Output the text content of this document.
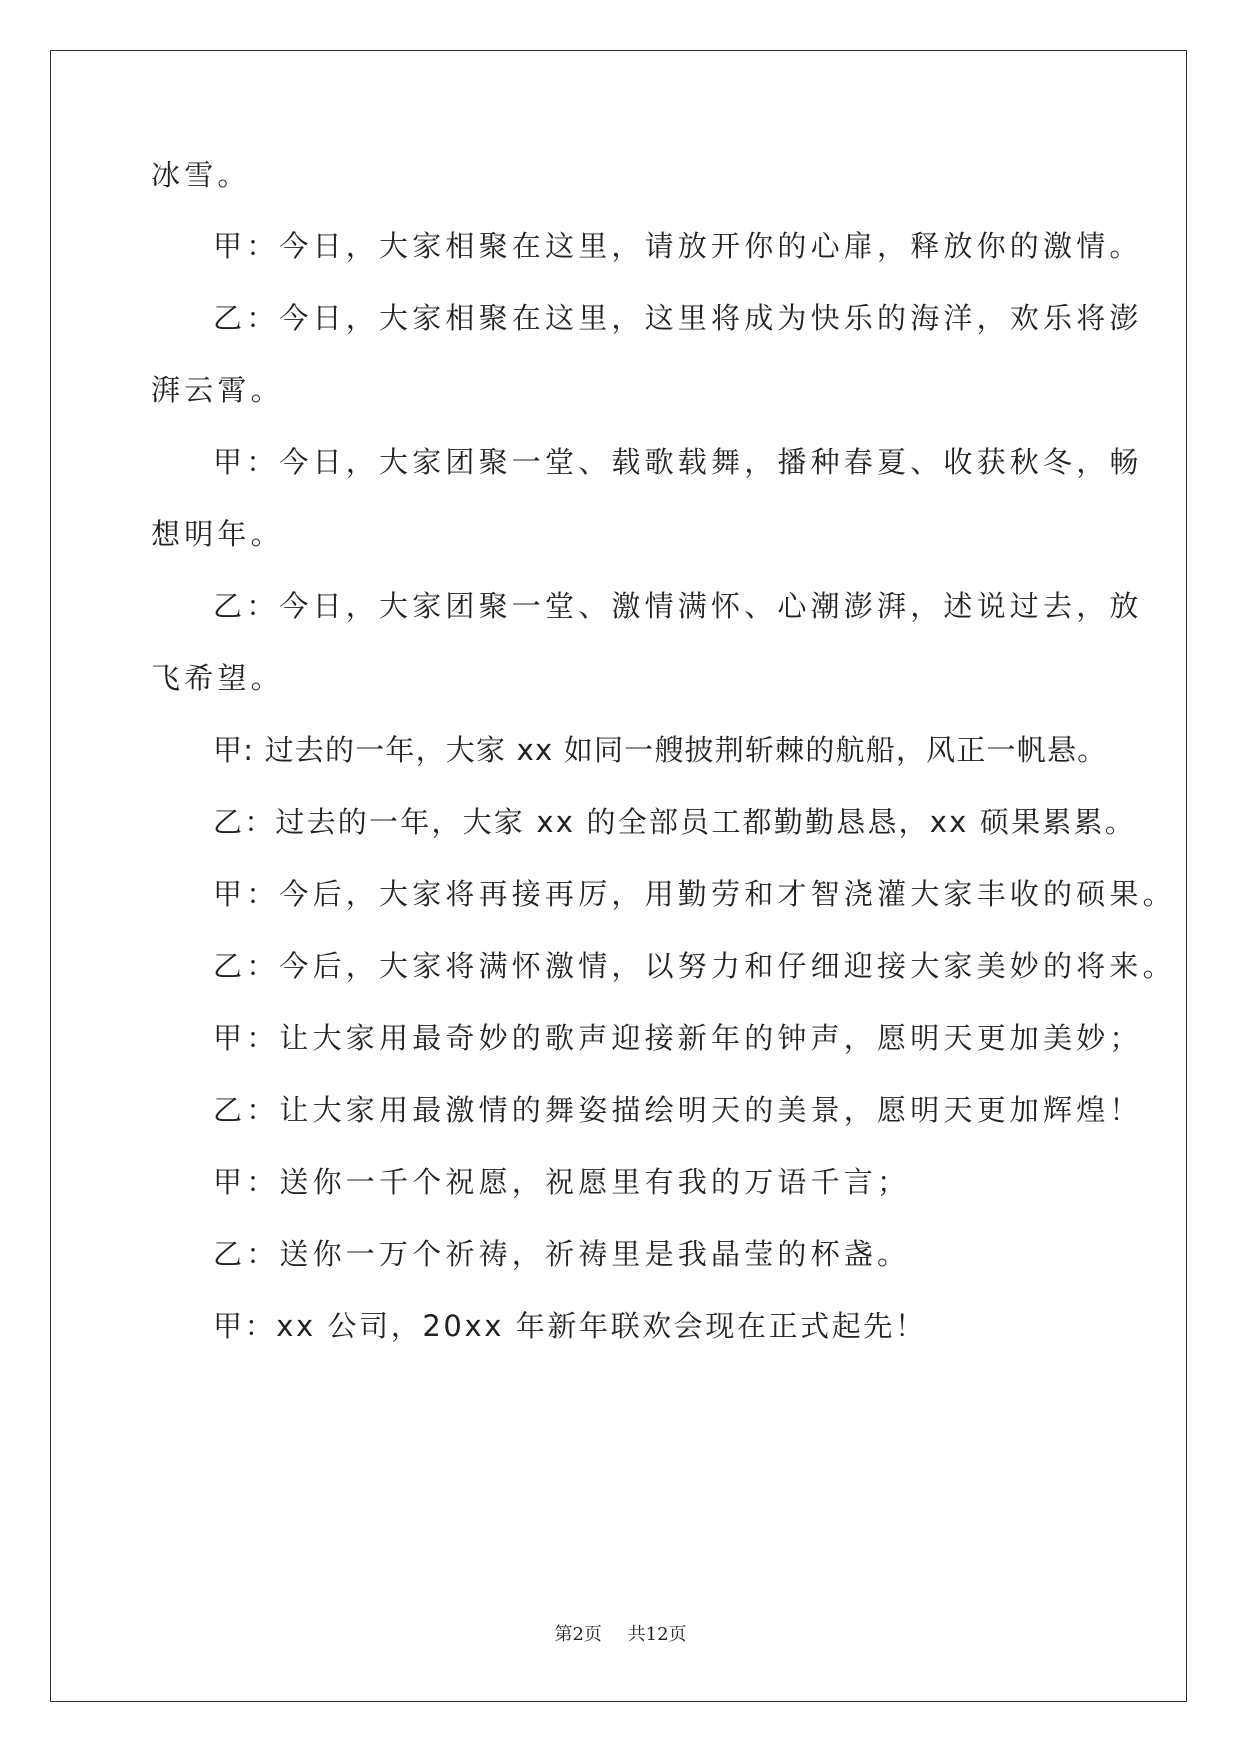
冰雪。
甲：今日，大家相聚在这里，请放开你的心扉，释放你的激情。
乙：今日，大家相聚在这里，这里将成为快乐的海洋，欢乐将澎
湃云霄。
甲：今日，大家团聚一堂、载歌载舞，播种春夏、收获秋冬，畅
想明年。
乙：今日，大家团聚一堂、激情满怀、心潮澎湃，述说过去，放
飞希望。
甲: 过去的一年，大家 xx 如同一艘披荆斩棘的航船，风正一帆悬。
乙：过去的一年，大家 xx 的全部员工都勤勤恳恳，xx 硕果累累。
甲：今后，大家将再接再厉，用勤劳和才智浇灌大家丰收的硕果。
乙：今后，大家将满怀激情，以努力和仔细迎接大家美妙的将来。
甲：让大家用最奇妙的歌声迎接新年的钟声，愿明天更加美妙；
乙：让大家用最激情的舞姿描绘明天的美景，愿明天更加辉煌！
甲：送你一千个祝愿，祝愿里有我的万语千言；
乙：送你一万个祈祷，祈祷里是我晶莹的杯盏。
甲：xx 公司，20xx 年新年联欢会现在正式起先！
第2页 共12页
